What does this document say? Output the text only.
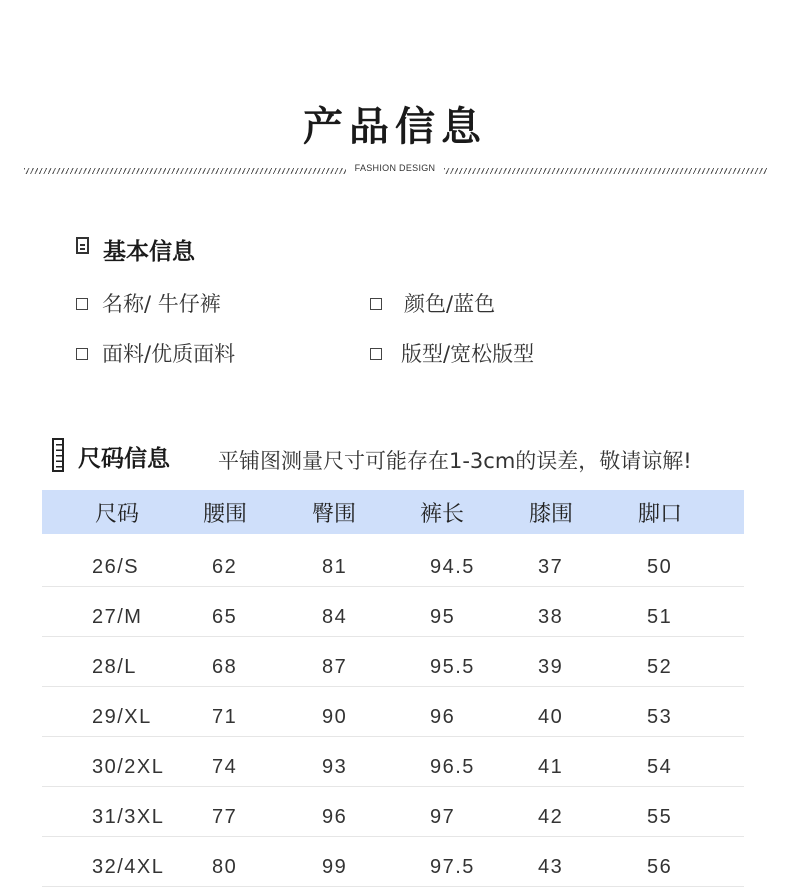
产品信息
FASHION DESIGN
基本信息
名称/ 牛仔裤	颜色/蓝色
面料/优质面料	版型/宽松版型
尺码信息 平铺图测量尺寸可能存在1-3cm的误差，敬请谅解!
尺码	腰围	臀围	裤长	膝围	脚口
26/S	62	81	94.5	37	50
27/M	65	84	95	38	51
28/L	68	87	95.5	39	52
29/XL	71	90	96	40	53
30/2XL 74	93	96.5	41	54
31/3XL 77	96	97	42	55
32/4XL 80	99	97.5	43	56
